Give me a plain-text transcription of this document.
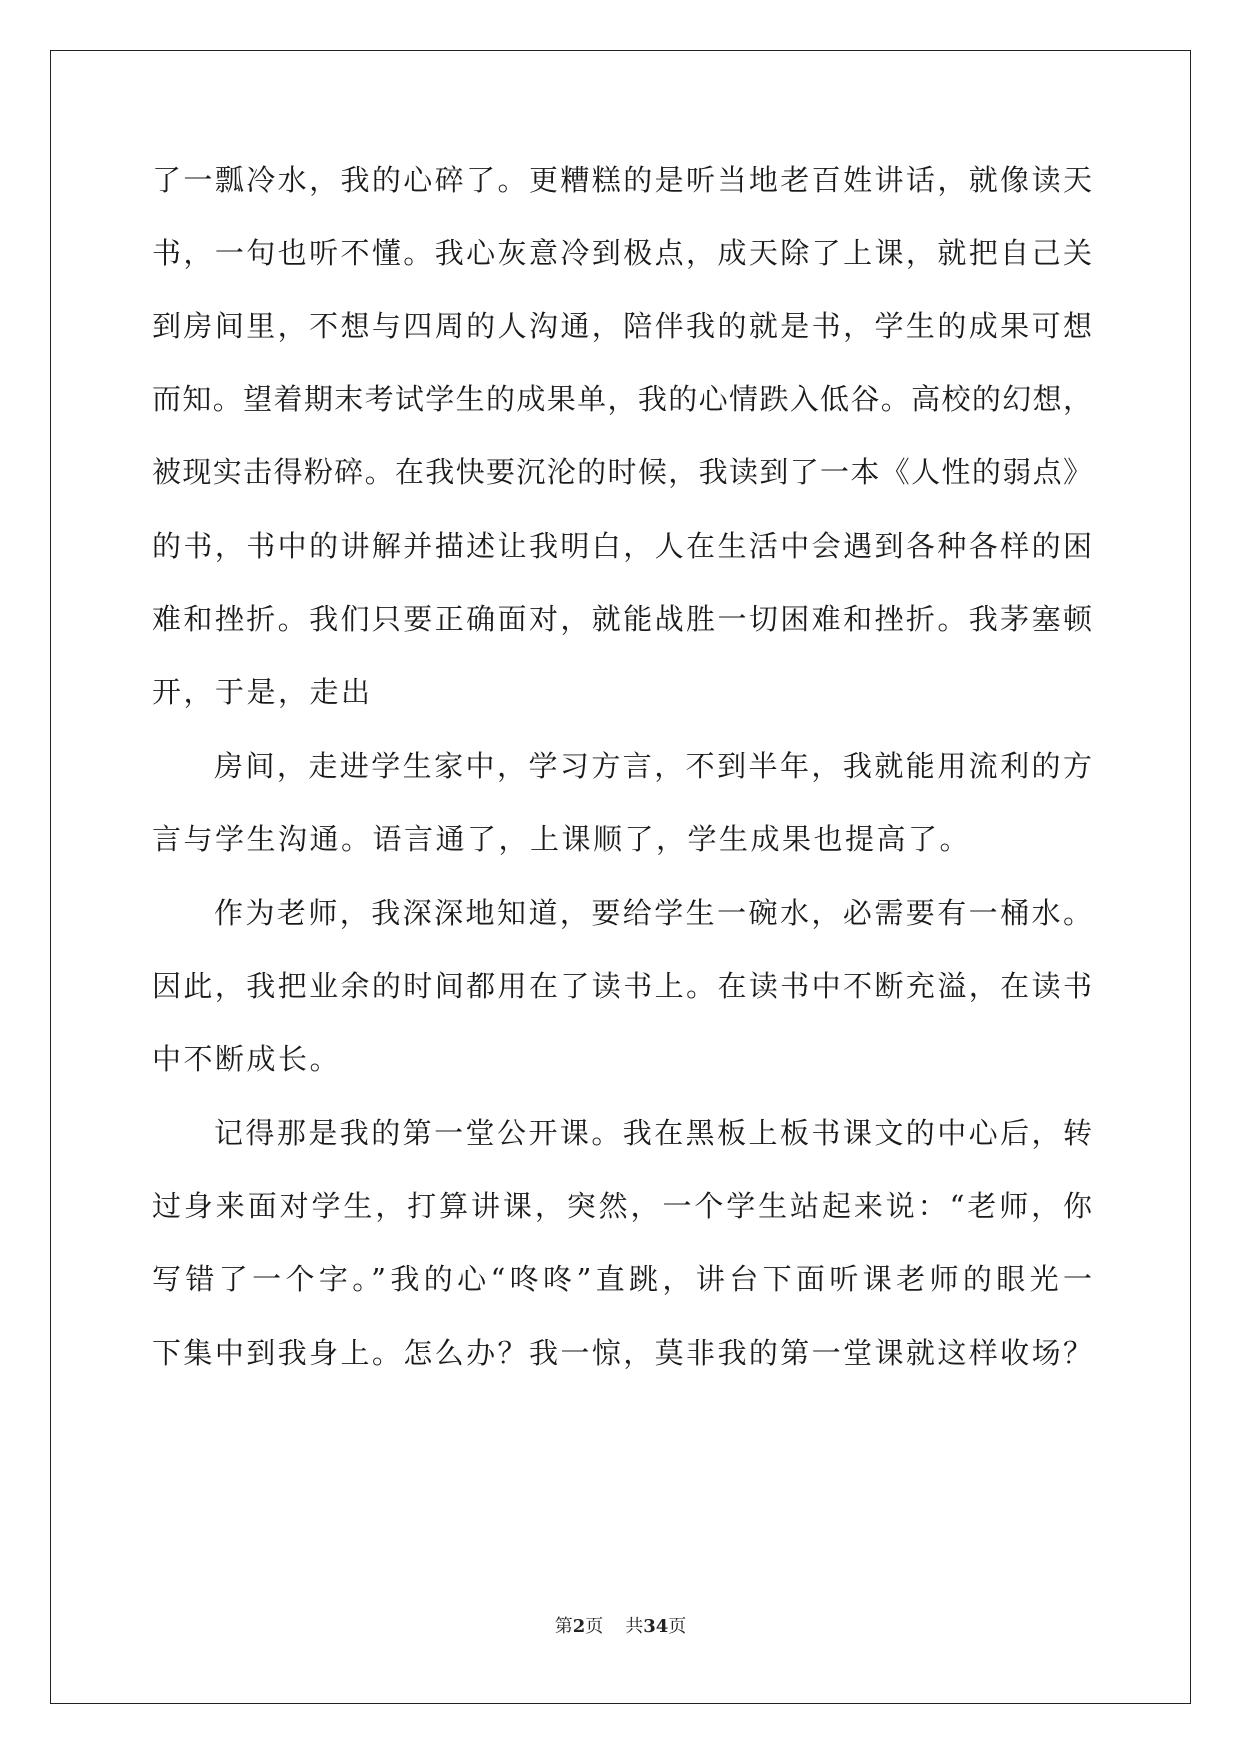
了一瓢冷水，我的心碎了。更糟糕的是听当地老百姓讲话，就像读天
书，一句也听不懂。我心灰意冷到极点，成天除了上课，就把自己关
到房间里，不想与四周的人沟通，陪伴我的就是书，学生的成果可想
而知。望着期末考试学生的成果单，我的心情跌入低谷。高校的幻想，
被现实击得粉碎。在我快要沉沦的时候，我读到了一本《人性的弱点》
的书，书中的讲解并描述让我明白，人在生活中会遇到各种各样的困
难和挫折。我们只要正确面对，就能战胜一切困难和挫折。我茅塞顿
开，于是，走出
房间，走进学生家中，学习方言，不到半年，我就能用流利的方
言与学生沟通。语言通了，上课顺了，学生成果也提高了。
作为老师，我深深地知道，要给学生一碗水，必需要有一桶水。
因此，我把业余的时间都用在了读书上。在读书中不断充溢，在读书
中不断成长。
记得那是我的第一堂公开课。我在黑板上板书课文的中心后，转
过身来面对学生，打算讲课，突然，一个学生站起来说：“老师，你
写错了一个字。”我的心“咚咚”直跳，讲台下面听课老师的眼光一
下集中到我身上。怎么办？我一惊，莫非我的第一堂课就这样收场？
第2页 共34页
